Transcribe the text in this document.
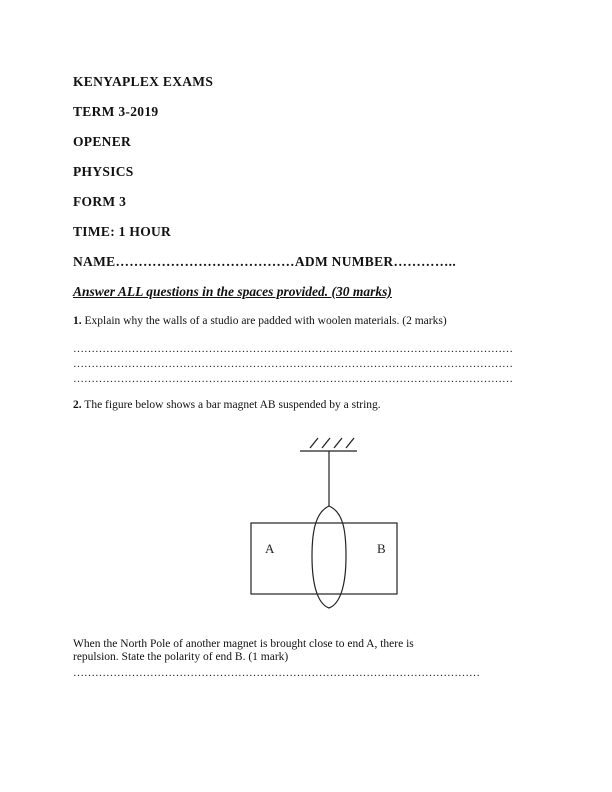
KENYAPLEX EXAMS
TERM 3-2019
OPENER
PHYSICS
FORM 3
TIME: 1 HOUR
NAME…………………………………ADM NUMBER…………..
Answer ALL questions in the spaces provided. (30 marks)
1. Explain why the walls of a studio are padded with woolen materials. (2 marks)
…………………………………………………………………………………………………………
…………………………………………………………………………………………………………
…………………………………………………………………………………………………………
2. The figure below shows a bar magnet AB suspended by a string.
A	B
When the North Pole of another magnet is brought close to end A, there is
repulsion. State the polarity of end B. (1 mark)
…………………………………………………………………………………………………
